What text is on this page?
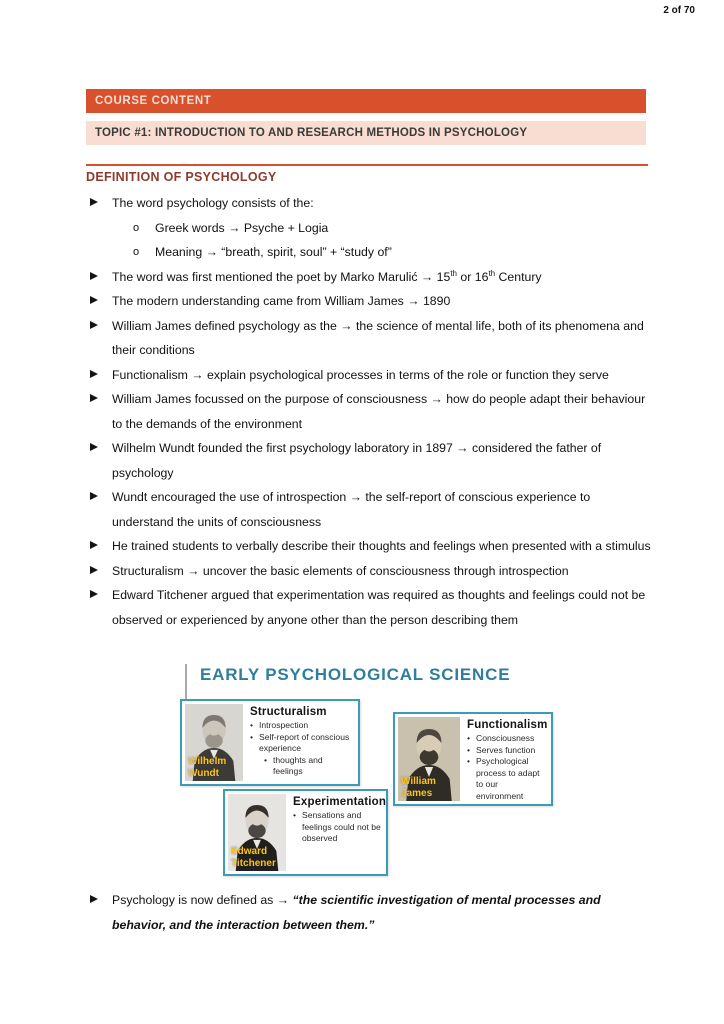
2 of 70
COURSE CONTENT
TOPIC #1: INTRODUCTION TO AND RESEARCH METHODS IN PSYCHOLOGY
DEFINITION OF PSYCHOLOGY
The word psychology consists of the:
o	Greek words → Psyche + Logia
o	Meaning → “breath, spirit, soul” + “study of”
The word was first mentioned the poet by Marko Marulić → 15th or 16th Century
The modern understanding came from William James → 1890
William James defined psychology as the → the science of mental life, both of its phenomena and their conditions
Functionalism → explain psychological processes in terms of the role or function they serve
William James focussed on the purpose of consciousness → how do people adapt their behaviour to the demands of the environment
Wilhelm Wundt founded the first psychology laboratory in 1897 → considered the father of psychology
Wundt encouraged the use of introspection → the self-report of conscious experience to understand the units of consciousness
He trained students to verbally describe their thoughts and feelings when presented with a stimulus
Structuralism → uncover the basic elements of consciousness through introspection
Edward Titchener argued that experimentation was required as thoughts and feelings could not be observed or experienced by anyone other than the person describing them
EARLY PSYCHOLOGICAL SCIENCE
Wilhelm
Wundt
Structuralism
• Introspection
• Self-report of conscious experience
• thoughts and feelings
William
James
Functionalism
• Consciousness
• Serves function
• Psychological process to adapt to our environment
Edward
Titchener
Experimentation
• Sensations and feelings could not be observed
Psychology is now defined as → “the scientific investigation of mental processes and behavior, and the interaction between them.”
